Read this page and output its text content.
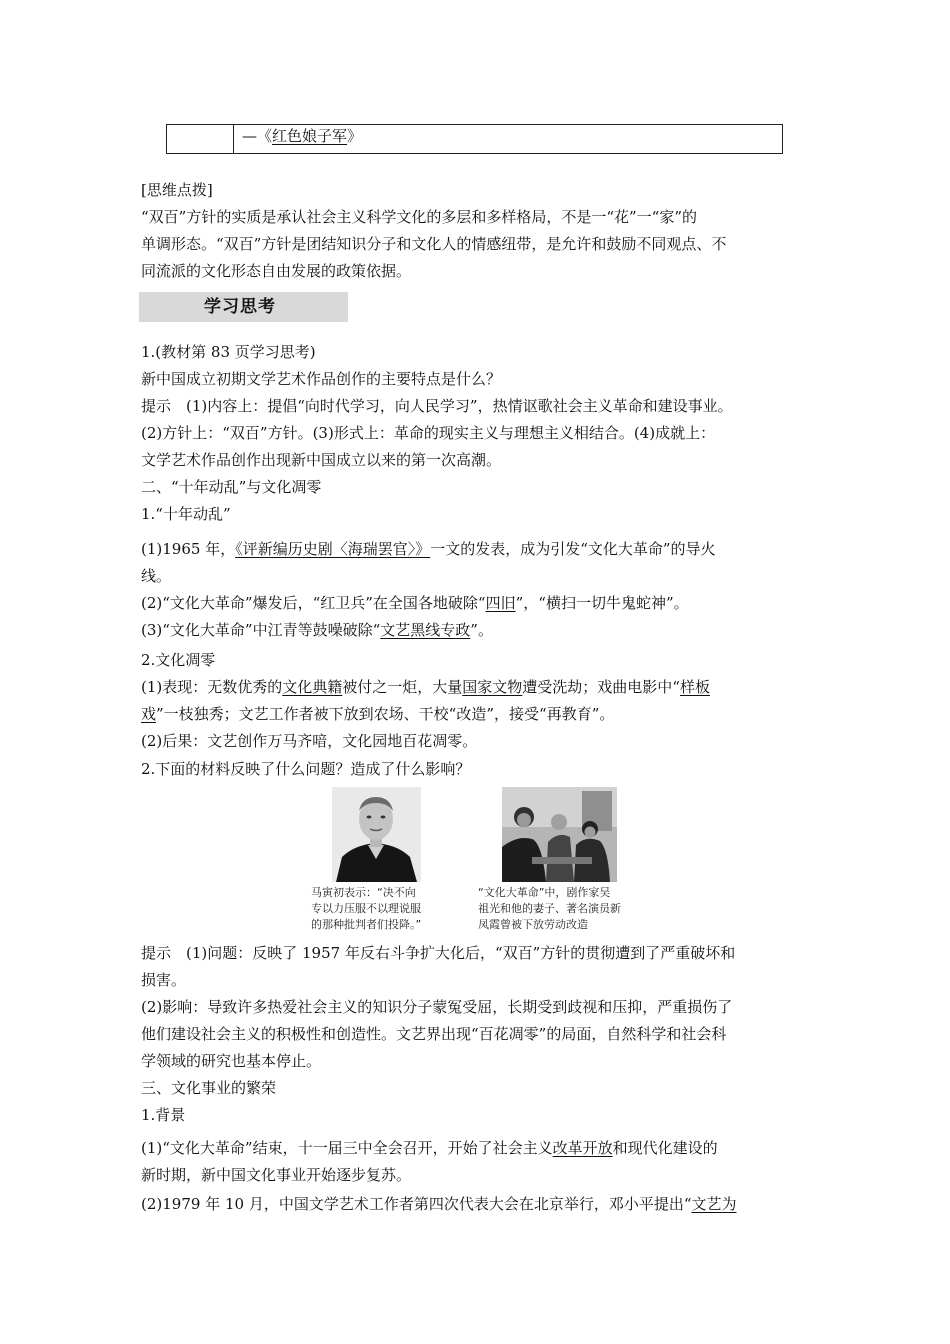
—《红色娘子军》
[思维点拨]
“双百”方针的实质是承认社会主义科学文化的多层和多样格局，不是一“花”一“家”的
单调形态。“双百”方针是团结知识分子和文化人的情感纽带，是允许和鼓励不同观点、不
同流派的文化形态自由发展的政策依据。
学习思考
1.(教材第 83 页学习思考)
新中国成立初期文学艺术作品创作的主要特点是什么？
提示　(1)内容上：提倡“向时代学习，向人民学习”，热情讴歌社会主义革命和建设事业。
(2)方针上：“双百”方针。(3)形式上：革命的现实主义与理想主义相结合。(4)成就上：
文学艺术作品创作出现新中国成立以来的第一次高潮。
二、“十年动乱”与文化凋零
1.“十年动乱”
(1)1965 年，《评新编历史剧〈海瑞罢官〉》一文的发表，成为引发“文化大革命”的导火
线。
(2)“文化大革命”爆发后，“红卫兵”在全国各地破除“四旧”，“横扫一切牛鬼蛇神”。
(3)“文化大革命”中江青等鼓噪破除“文艺黑线专政”。
2.文化凋零
(1)表现：无数优秀的文化典籍被付之一炬，大量国家文物遭受洗劫；戏曲电影中“样板
戏”一枝独秀；文艺工作者被下放到农场、干校“改造”，接受“再教育”。
(2)后果：文艺创作万马齐喑，文化园地百花凋零。
2.下面的材料反映了什么问题？造成了什么影响？
马寅初表示：“决不向
专以力压服不以理说服
的那种批判者们投降。”
“文化大革命”中，剧作家吴
祖光和他的妻子、著名演员新
凤霞曾被下放劳动改造
提示　(1)问题：反映了 1957 年反右斗争扩大化后，“双百”方针的贯彻遭到了严重破坏和
损害。
(2)影响：导致许多热爱社会主义的知识分子蒙冤受屈，长期受到歧视和压抑，严重损伤了
他们建设社会主义的积极性和创造性。文艺界出现“百花凋零”的局面，自然科学和社会科
学领域的研究也基本停止。
三、文化事业的繁荣
1.背景
(1)“文化大革命”结束，十一届三中全会召开，开始了社会主义改革开放和现代化建设的
新时期，新中国文化事业开始逐步复苏。
(2)1979 年 10 月，中国文学艺术工作者第四次代表大会在北京举行，邓小平提出“文艺为
